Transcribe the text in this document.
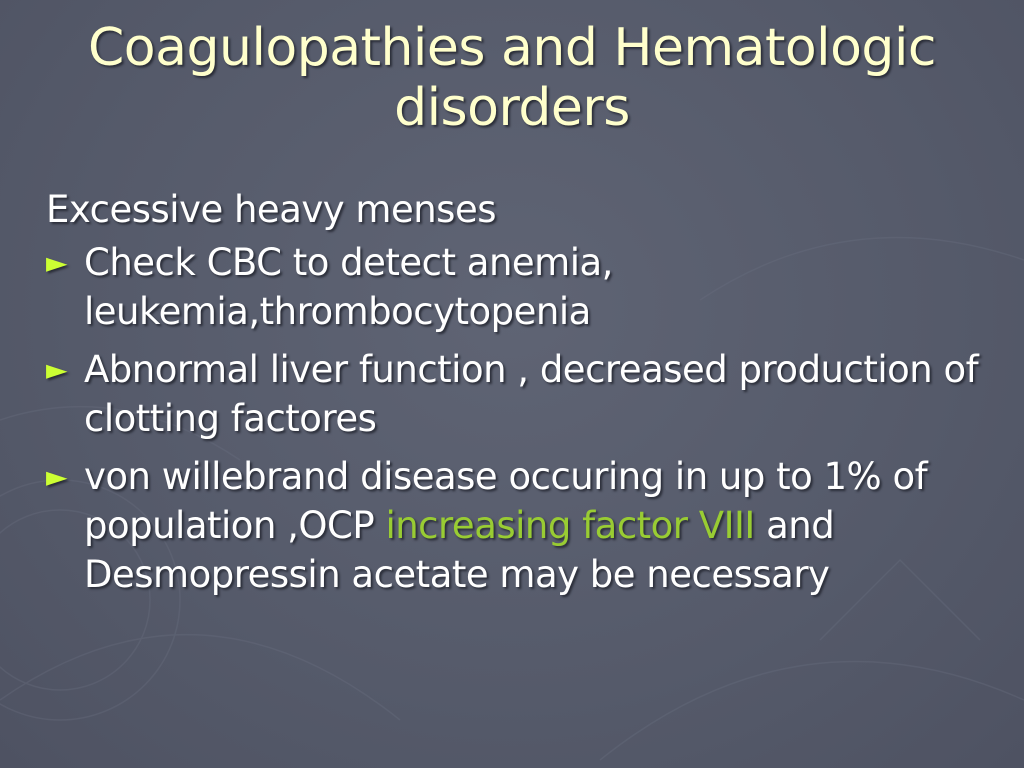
Coagulopathies and Hematologic disorders
Excessive heavy menses
► Check CBC to detect anemia, leukemia,thrombocytopenia
► Abnormal liver function , decreased production of clotting factores
► von willebrand disease occuring in up to 1% of population ,OCP increasing factor VIII and Desmopressin acetate may be necessary
